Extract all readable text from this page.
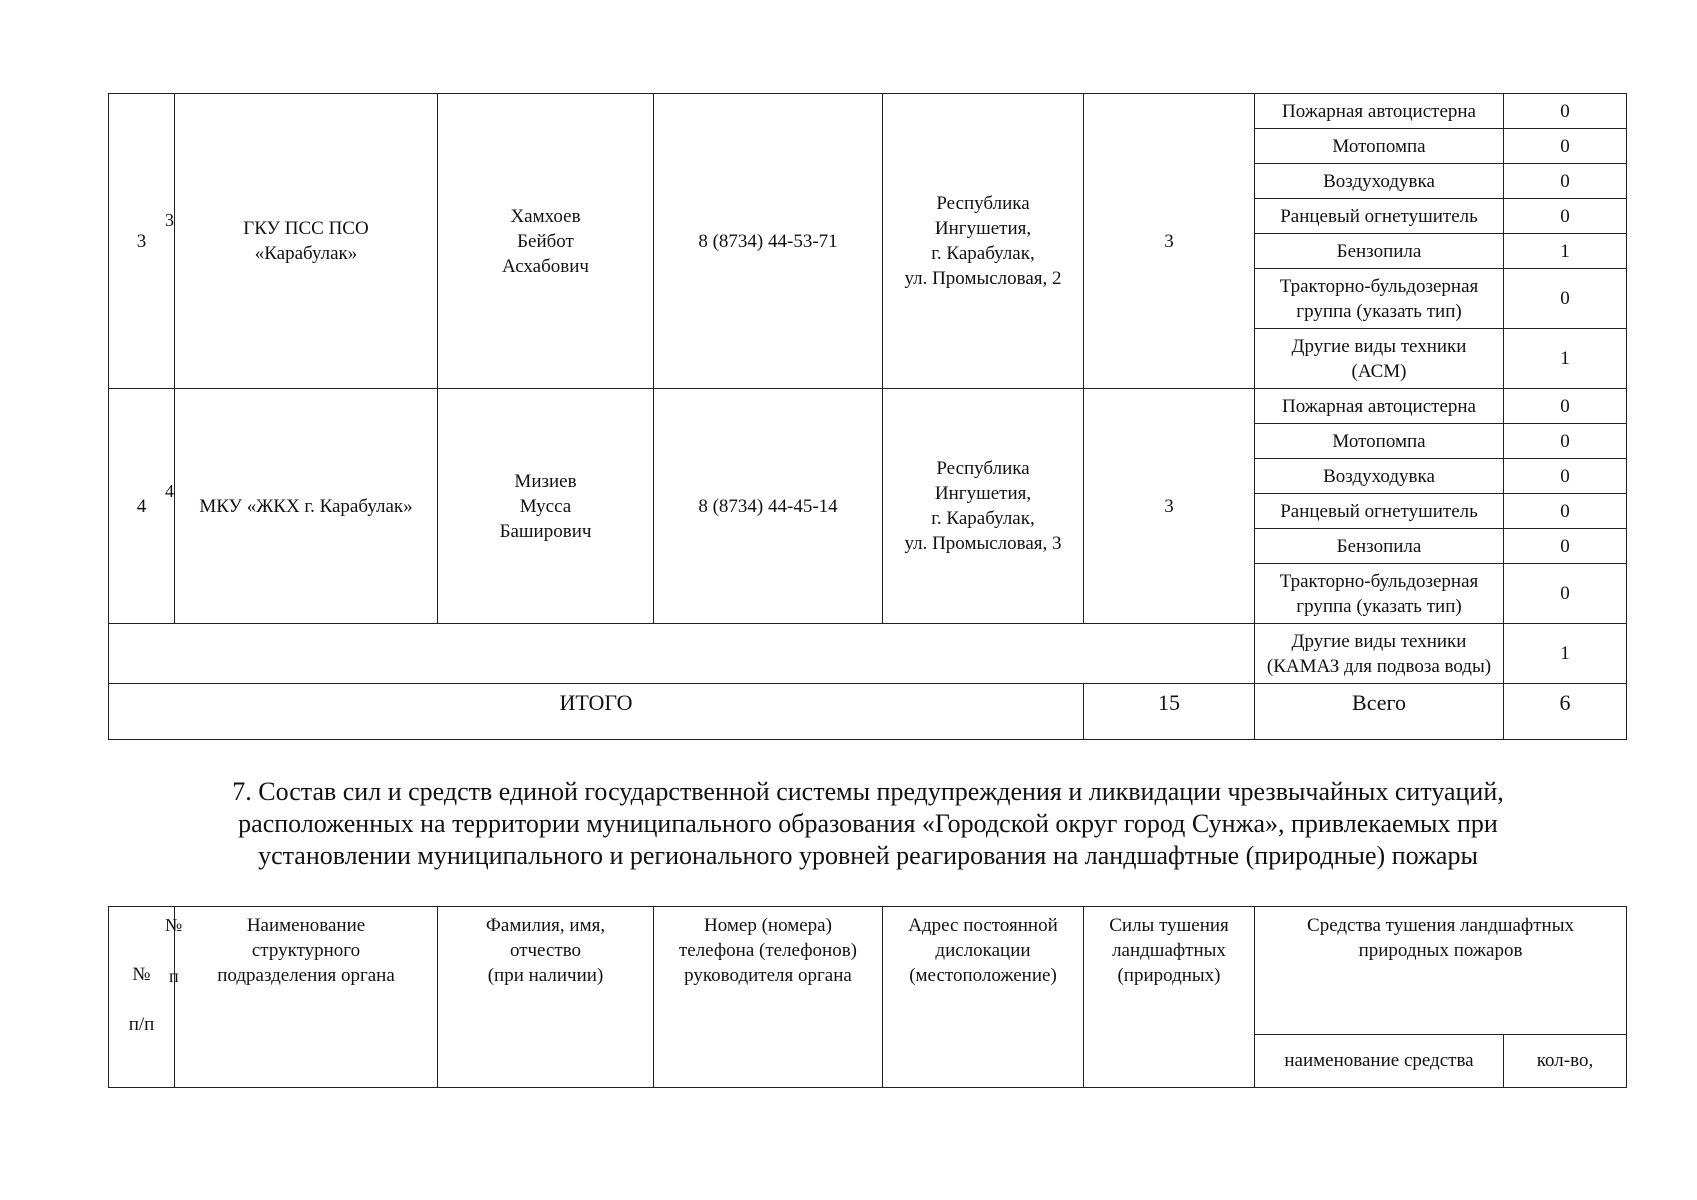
3
3	ГКУ ПСС ПСО
«Карабулак»	Хамхоев
Бейбот
Асхабович	8 (8734) 44-53-71	Республика
Ингушетия,
г. Карабулак,
ул. Промысловая, 2	3	Пожарная автоцистерна	0
						Мотопомпа	0
						Воздуходувка	0
						Ранцевый огнетушитель	0
						Бензопила	1
						Тракторно-бульдозерная
группа (указать тип)	0
						Другие виды техники
(АСМ)	1
4
4	МКУ «ЖКХ г. Карабулак»	Мизиев
Мусса
Баширович	8 (8734) 44-45-14	Республика
Ингушетия,
г. Карабулак,
ул. Промысловая, 3	3	Пожарная автоцистерна	0
						Мотопомпа	0
						Воздуходувка	0
						Ранцевый огнетушитель	0
						Бензопила	0
						Тракторно-бульдозерная
группа (указать тип)	0
						Другие виды техники
(КАМАЗ для подвоза воды)	1
ИТОГО					15	Всего	6
7. Состав сил и средств единой государственной системы предупреждения и ликвидации чрезвычайных ситуаций,
расположенных на территории муниципального образования «Городской округ город Сунжа», привлекаемых при
установлении муниципального и регионального уровней реагирования на ландшафтные (природные) пожары

№

п/п

№

п	Наименование
структурного
подразделения органа	Фамилия, имя,
отчество
(при наличии)	Номер (номера)
телефона (телефонов)
руководителя органа	Адрес постоянной
дислокации
(местоположение)	Силы тушения
ландшафтных
(природных)	Средства тушения ландшафтных
природных пожаров	
						наименование средства	кол-во,
